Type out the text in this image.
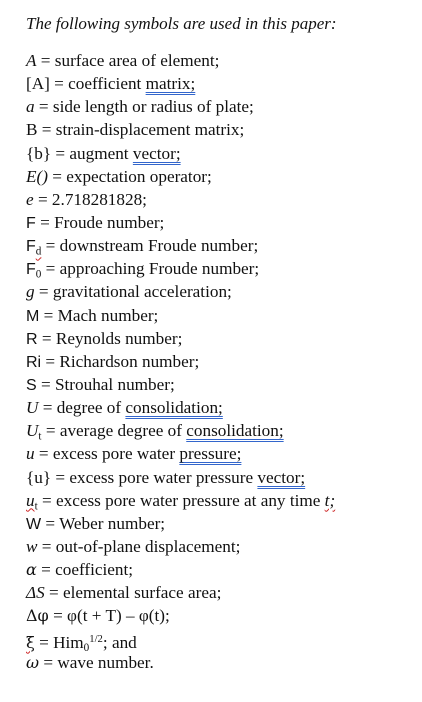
The following symbols are used in this paper:
A = surface area of element;
[A] = coefficient matrix;
a = side length or radius of plate;
B = strain-displacement matrix;
{b} = augment vector;
E() = expectation operator;
e = 2.718281828;
F = Froude number;
$F_d$ = downstream Froude number;
$F_0$ = approaching Froude number;
g = gravitational acceleration;
M = Mach number;
R = Reynolds number;
Ri = Richardson number;
S = Strouhal number;
U = degree of consolidation;
$U_t$ = average degree of consolidation;
u = excess pore water pressure;
{u} = excess pore water pressure vector;
$u_t$ = excess pore water pressure at any time t;
W = Weber number;
w = out-of-plane displacement;
α = coefficient;
ΔS = elemental surface area;
Δφ = φ(t + T) – φ(t);
ξ = Him$_0^{1/2}$; and
ω = wave number.
